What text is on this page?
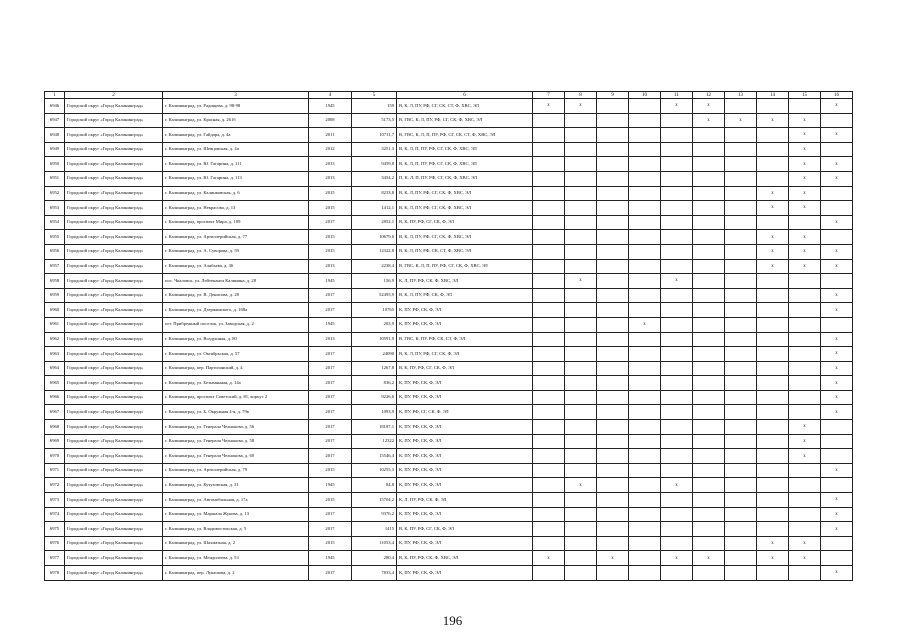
1	2	3	4	5	6	7	8	9	10	11	12	13	14	15	16
6946	Городской округ «Город Калининград»	г. Калининград, ул. Радищева, д. 98-98	1945	159	В, К, Л, ПУ, РФ, СГ, СК, СТ, Ф, ХВС, ЭЛ	х	х			х	х				х
6947	Городской округ «Город Калининград»	г. Калининград, ул. Красная, д. 261б	2008	5173,5	В, ГВС, К, Л, ПУ, РФ, СГ, СК, Ф, ХВС, ЭЛ						х	х	х	х	
6948	Городской округ «Город Калининград»	г. Калининград, ул. Гайдара, д. 4а	2011	10711,7	В, ГВС, К, Л, П, ПУ, РФ, СГ, СК, СТ, Ф, ХВС, ЭЛ									х	х
6949	Городской округ «Город Калининград»	г. Калининград, ул. Шевцовская, д. 4а	2012	3251,3	В, К, Л, П, ПУ, РФ, СГ, СК, Ф, ХВС, ЭЛ									х	
6950	Городской округ «Город Калининград»	г. Калининград, ул. Ю. Гагарина, д. 111	2013	9459,8	В, К, Л, П, ПУ, РФ, СГ, СК, Ф, ХВС, ЭЛ									х	х
6951	Городской округ «Город Калининград»	г. Калининград, ул. Ю. Гагарина, д. 113	2013	3454,2	П, К, Л, П, ПУ, РФ, СГ, СК, Ф, ХВС, ЭЛ									х	х
6952	Городской округ «Город Калининград»	г. Калининград, ул. Калинковская, д. 6	2015	8233,8	В, К, Л, ПУ, РФ, СГ, СК, Ф, ХВС, ЭЛ								х	х	
6953	Городской округ «Город Калининград»	г. Калининград, ул. Некрасова, д. 13	2015	1412,1	В, К, Л, ПУ, РФ, СГ, СК, Ф, ХВС, ЭЛ								х	х	
6954	Городской округ «Город Калининград»	г. Калининград, проспект Мира, д. 109	2017	2852,1	В, К, ПУ, РФ, СГ, СК, Ф, ЭЛ										х
6955	Городской округ «Город Калининград»	г. Калининград, ул. Артиллерийская, д. 77	2015	10679,6	В, К, Л, ПУ, РФ, СГ, СК, Ф, ХВС, ЭЛ								х	х	
6956	Городской округ «Город Калининград»	г. Калининград, ул. А. Суворова, д. 59	2015	12322,8	В, К, Л, ПУ, РФ, СК, СТ, Ф, ХВС, ЭЛ								х	х	х
6957	Городской округ «Город Калининград»	г. Калининград, ул. Алябьева, д. 36	2013	2238,4	В, ГВС, К, Л, П, ПУ, РФ, СГ, СК, Ф, ХВС, ЭЛ								х	х	х
6958	Городской округ «Город Калининград»	пос. Чкаловск, ул. Лейтенанта Калинина, д. 28	1945	156,9	К, Л, ПУ, РФ, СК, Ф, ХВС, ЭЛ		х			х					
6959	Городской округ «Город Калининград»	г. Калининград, ул. В. Денисова, д. 28	2017	52495,9	В, К, Л, ПУ, РФ, СК, Ф, ЭЛ										х
6960	Городской округ «Город Калининград»	г. Калининград, ул. Дзержинского, д. 168а	2017	10765	К, ПУ, РФ, СК, Ф, ЭЛ										х
6961	Городской округ «Город Калининград»	пгт. Прибрежный поселок, ул. Заводская, д. 2	1945	203,9	К, ПУ, РФ, СК, Ф, ЭЛ				х						
6962	Городской округ «Город Калининград»	г. Калининград, ул. Воздушная, д. 80	2013	10591,9	В, ГВС, К, ПУ, РФ, СК, СТ, Ф, ЭЛ										х
6963	Городской округ «Город Калининград»	г. Калининград, ул. Октябрьская, д. 57	2017	24090	В, К, Л, ПУ, РФ, СГ, СК, Ф, ЭЛ										х
6964	Городской округ «Город Калининград»	г. Калининград, пер. Партизанский, д. 4	2017	1267,8	В, К, ПУ, РФ, СГ, СК, Ф, ЭЛ										х
6965	Городской округ «Город Калининград»	г. Калининград, ул. Безымянная, д. 14а	2017	836,2	К, ПУ, РФ, СК, Ф, ЭЛ										х
6966	Городской округ «Город Калининград»	г. Калининград, проспект Советский, д. 81, корпус 2	2017	9226,6	К, ПУ, РФ, СК, Ф, ЭЛ										х
6967	Городской округ «Город Калининград»	г. Калининград, ул. Б. Окружная 4-я, д. 79в	2017	1093,9	К, ПУ, РФ, СГ, СК, Ф, ЭЛ										х
6968	Городской округ «Город Калининград»	г. Калининград, ул. Генерала Челнокова, д. 56	2017	18187,1	К, ПУ, РФ, СК, Ф, ЭЛ									х	
6969	Городской округ «Город Калининград»	г. Калининград, ул. Генерала Челнокова, д. 58	2017	12322	К, ПУ, РФ, СК, Ф, ЭЛ									х	
6970	Городской округ «Город Калининград»	г. Калининград, ул. Генерала Челнокова, д. 60	2017	15546,4	К, ПУ, РФ, СК, Ф, ЭЛ									х	
6971	Городской округ «Город Калининград»	г. Калининград, ул. Артиллерийская, д. 79	2015	10255,3	К, ПУ, РФ, СК, Ф, ЭЛ										х
6972	Городской округ «Город Калининград»	г. Калининград, ул. Кутузовская, д. 31	1945	84,8	К, ПУ, РФ, СК, Ф, ЭЛ		х			х					
6973	Городской округ «Город Калининград»	г. Калининград, ул. Автомобильная, д. 17а	2015	15704,2	К, Л, ПУ, РФ, СК, Ф, ЭЛ										х
6974	Городской округ «Город Калининград»	г. Калининград, ул. Маршала Жукова, д. 13	2017	9376,2	К, ПУ, РФ, СК, Ф, ЭЛ										х
6975	Городской округ «Город Калининград»	г. Калининград, ул. Владивостокская, д. 5	2017	1415	В, К, ПУ, РФ, СГ, СК, Ф, ЭЛ										х
6976	Городской округ «Город Калининград»	г. Калининград, ул. Шахматная, д. 2	2015	11053,4	К, ПУ, РФ, СК, Ф, ЭЛ								х	х	
6977	Городской округ «Город Калининград»	г. Калининград, ул. Мендилеева, д. 53	1945	280,4	В, К, ПУ, РФ, СК, Ф, ХВС, ЭЛ	х		х		х	х		х	х	
6978	Городской округ «Город Калининград»	г. Калининград, пер. Лукашова, д. 2	2017	7833,4	К, ПУ, РФ, СК, Ф, ЭЛ										х
196
